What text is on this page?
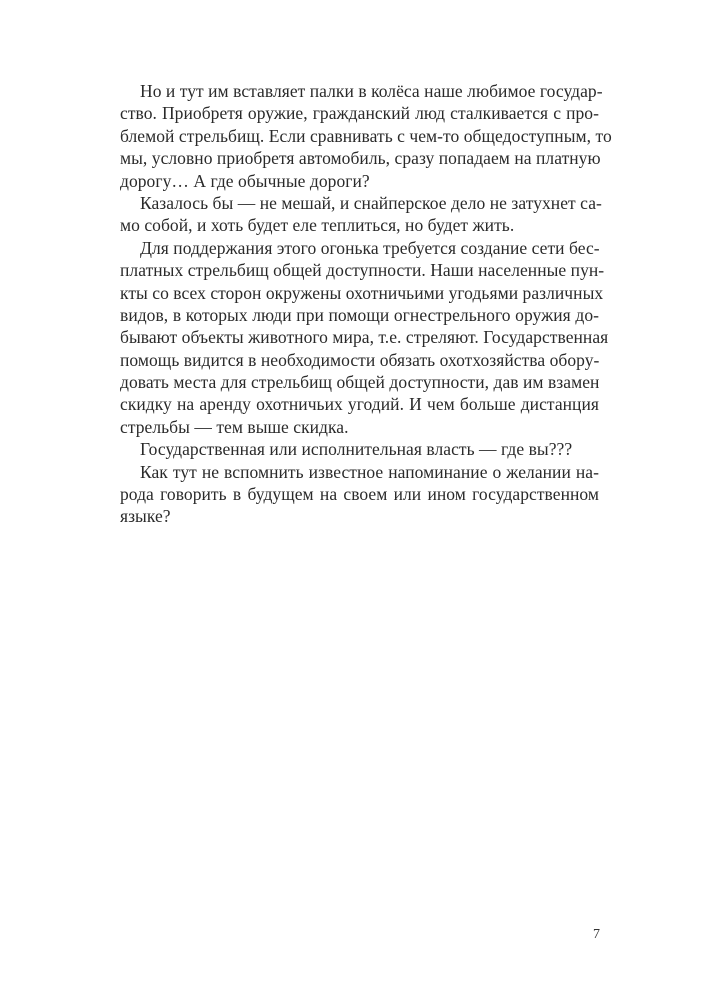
Но и тут им вставляет палки в колёса наше любимое государ-
ство. Приобретя оружие, гражданский люд сталкивается с про-
блемой стрельбищ. Если сравнивать с чем-то общедоступным, то
мы, условно приобретя автомобиль, сразу попадаем на платную
дорогу… А где обычные дороги?
Казалось бы — не мешай, и снайперское дело не затухнет са-
мо собой, и хоть будет еле теплиться, но будет жить.
Для поддержания этого огонька требуется создание сети бес-
платных стрельбищ общей доступности. Наши населенные пун-
кты со всех сторон окружены охотничьими угодьями различных
видов, в которых люди при помощи огнестрельного оружия до-
бывают объекты животного мира, т.е. стреляют. Государственная
помощь видится в необходимости обязать охотхозяйства обору-
довать места для стрельбищ общей доступности, дав им взамен
скидку на аренду охотничьих угодий. И чем больше дистанция
стрельбы — тем выше скидка.
Государственная или исполнительная власть — где вы???
Как тут не вспомнить известное напоминание о желании на-
рода говорить в будущем на своем или ином государственном
языке?
7
